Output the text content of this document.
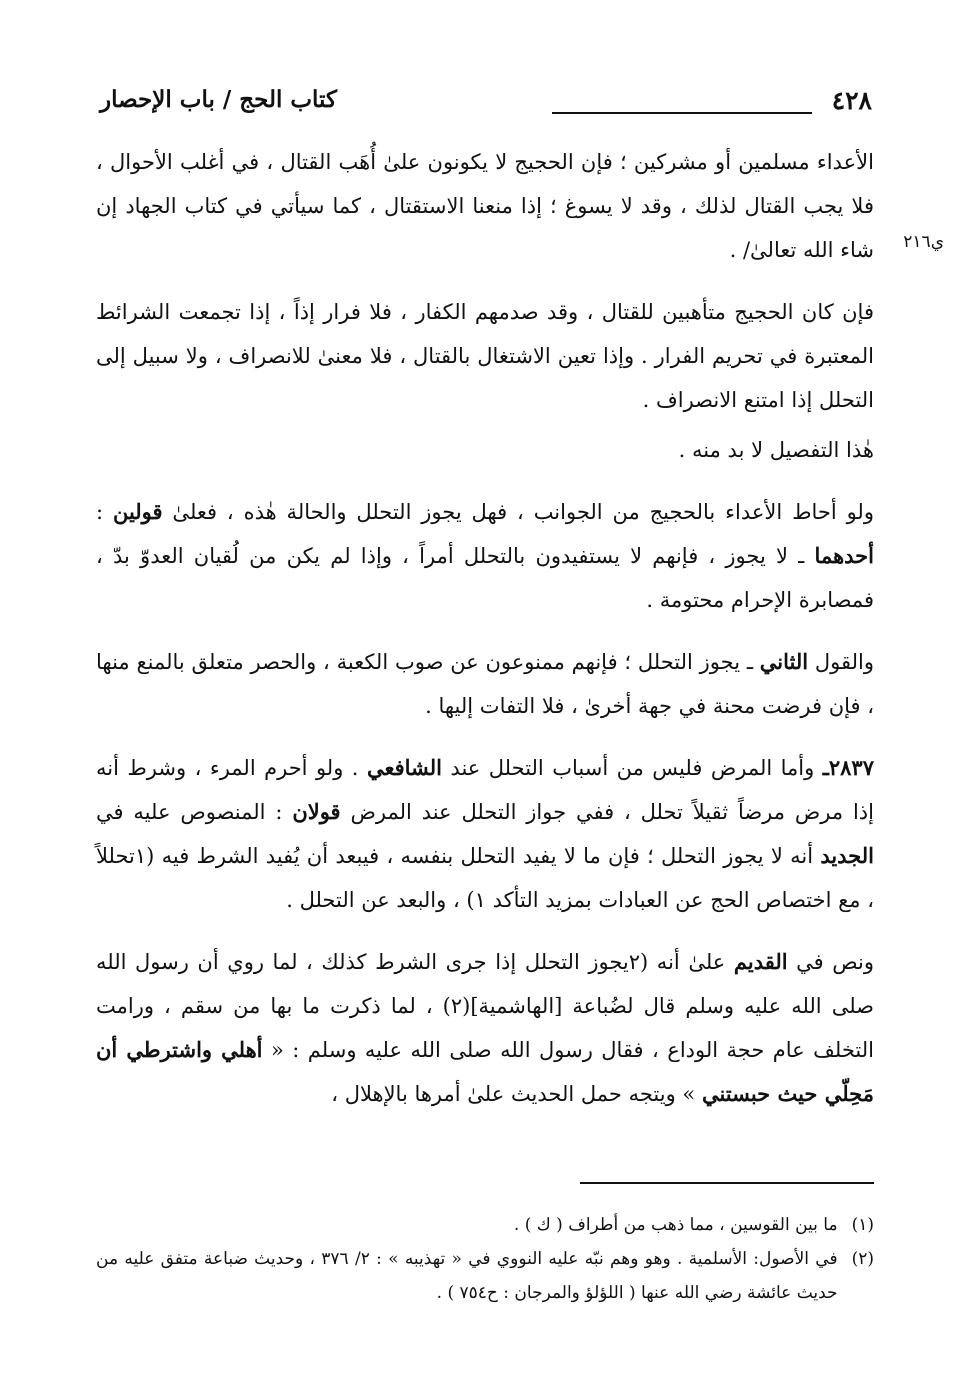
٤٢٨
كتاب الحج / باب الإحصار
ي٢١٦

الأعداء مسلمين أو مشركين ؛ فإن الحجيج لا يكونون علىٰ أُهَب القتال ، في أغلب الأحوال ، فلا يجب القتال لذلك ، وقد لا يسوغ ؛ إذا منعنا الاستقتال ، كما سيأتي في كتاب الجهاد إن شاء الله تعالىٰ/ .

فإن كان الحجيج متأهبين للقتال ، وقد صدمهم الكفار ، فلا فرار إذاً ، إذا تجمعت الشرائط المعتبرة في تحريم الفرار . وإذا تعين الاشتغال بالقتال ، فلا معنىٰ للانصراف ، ولا سبيل إلى التحلل إذا امتنع الانصراف .

هٰذا التفصيل لا بد منه .

ولو أحاط الأعداء بالحجيج من الجوانب ، فهل يجوز التحلل والحالة هٰذه ، فعلىٰ قولين : أحدهما ـ لا يجوز ، فإنهم لا يستفيدون بالتحلل أمراً ، وإذا لم يكن من لُقيان العدوّ بدّ ، فمصابرة الإحرام محتومة .

والقول الثاني ـ يجوز التحلل ؛ فإنهم ممنوعون عن صوب الكعبة ، والحصر متعلق بالمنع منها ، فإن فرضت محنة في جهة أخرىٰ ، فلا التفات إليها .

٢٨٣٧ـ وأما المرض فليس من أسباب التحلل عند الشافعي . ولو أحرم المرء ، وشرط أنه إذا مرض مرضاً ثقيلاً تحلل ، ففي جواز التحلل عند المرض قولان : المنصوص عليه في الجديد أنه لا يجوز التحلل ؛ فإن ما لا يفيد التحلل بنفسه ، فيبعد أن يُفيد الشرط فيه (١تحللاً ، مع اختصاص الحج عن العبادات بمزيد التأكد ١) ، والبعد عن التحلل .

ونص في القديم علىٰ أنه (٢يجوز التحلل إذا جرى الشرط كذلك ، لما روي أن رسول الله صلى الله عليه وسلم قال لضُباعة [الهاشمية](٢) ، لما ذكرت ما بها من سقم ، ورامت التخلف عام حجة الوداع ، فقال رسول الله صلى الله عليه وسلم : « أهلي واشترطي أن مَحِلّي حيث حبستني » ويتجه حمل الحديث علىٰ أمرها بالإهلال ،

(١)
ما بين القوسين ، مما ذهب من أطراف ( ك ) .
(٢)
في الأصول: الأسلمية . وهو وهم نبّه عليه النووي في « تهذيبه » : ٢/ ٣٧٦ ، وحديث ضباعة متفق عليه من حديث عائشة رضي الله عنها ( اللؤلؤ والمرجان : ح٧٥٤ ) .
